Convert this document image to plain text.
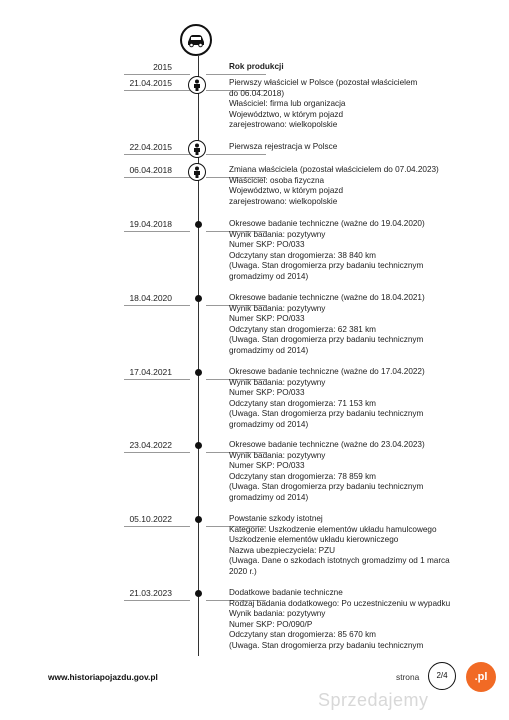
2015	Rok produkcji
21.04.2015	Pierwszy właściciel w Polsce (pozostał właścicielem
do 06.04.2018)
Właściciel: firma lub organizacja
Województwo, w którym pojazd
zarejestrowano: wielkopolskie
22.04.2015	Pierwsza rejestracja w Polsce
06.04.2018	Zmiana właściciela (pozostał właścicielem do 07.04.2023)
Właściciel: osoba fizyczna
Województwo, w którym pojazd
zarejestrowano: wielkopolskie
19.04.2018	Okresowe badanie techniczne (ważne do 19.04.2020)
Wynik badania: pozytywny
Numer SKP: PO/033
Odczytany stan drogomierza: 38 840 km
(Uwaga. Stan drogomierza przy badaniu technicznym
gromadzimy od 2014)
18.04.2020	Okresowe badanie techniczne (ważne do 18.04.2021)
Wynik badania: pozytywny
Numer SKP: PO/033
Odczytany stan drogomierza: 62 381 km
(Uwaga. Stan drogomierza przy badaniu technicznym
gromadzimy od 2014)
17.04.2021	Okresowe badanie techniczne (ważne do 17.04.2022)
Wynik badania: pozytywny
Numer SKP: PO/033
Odczytany stan drogomierza: 71 153 km
(Uwaga. Stan drogomierza przy badaniu technicznym
gromadzimy od 2014)
23.04.2022	Okresowe badanie techniczne (ważne do 23.04.2023)
Wynik badania: pozytywny
Numer SKP: PO/033
Odczytany stan drogomierza: 78 859 km
(Uwaga. Stan drogomierza przy badaniu technicznym
gromadzimy od 2014)
05.10.2022	Powstanie szkody istotnej
Kategorie: Uszkodzenie elementów układu hamulcowego
Uszkodzenie elementów układu kierowniczego
Nazwa ubezpieczyciela: PZU
(Uwaga. Dane o szkodach istotnych gromadzimy od 1 marca
2020 r.)
21.03.2023	Dodatkowe badanie techniczne
Rodzaj badania dodatkowego: Po uczestniczeniu w wypadku
Wynik badania: pozytywny
Numer SKP: PO/090/P
Odczytany stan drogomierza: 85 670 km
(Uwaga. Stan drogomierza przy badaniu technicznym
www.historiapojazdu.gov.pl	strona	2/4
Sprzedajemy
.pl
